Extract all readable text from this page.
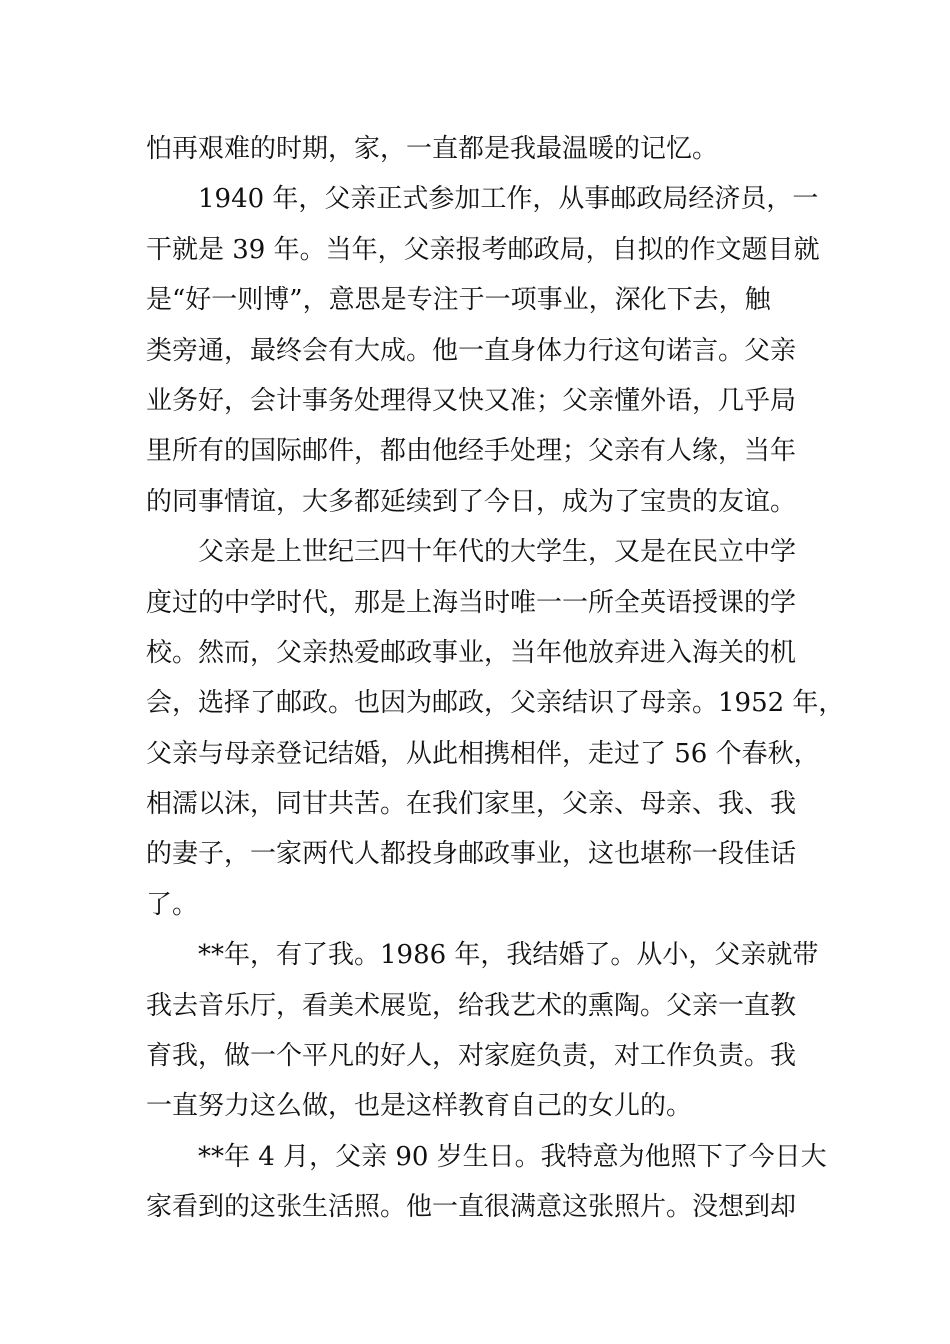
怕再艰难的时期，家，一直都是我最温暖的记忆。
1940 年，父亲正式参加工作，从事邮政局经济员，一
干就是 39 年。当年，父亲报考邮政局，自拟的作文题目就
是“好一则博”，意思是专注于一项事业，深化下去，触
类旁通，最终会有大成。他一直身体力行这句诺言。父亲
业务好，会计事务处理得又快又准；父亲懂外语，几乎局
里所有的国际邮件，都由他经手处理；父亲有人缘，当年
的同事情谊，大多都延续到了今日，成为了宝贵的友谊。
父亲是上世纪三四十年代的大学生，又是在民立中学
度过的中学时代，那是上海当时唯一一所全英语授课的学
校。然而，父亲热爱邮政事业，当年他放弃进入海关的机
会，选择了邮政。也因为邮政，父亲结识了母亲。1952 年，
父亲与母亲登记结婚，从此相携相伴，走过了 56 个春秋，
相濡以沫，同甘共苦。在我们家里，父亲、母亲、我、我
的妻子，一家两代人都投身邮政事业，这也堪称一段佳话
了。
**年，有了我。1986 年，我结婚了。从小，父亲就带
我去音乐厅，看美术展览，给我艺术的熏陶。父亲一直教
育我，做一个平凡的好人，对家庭负责，对工作负责。我
一直努力这么做，也是这样教育自己的女儿的。
**年 4 月，父亲 90 岁生日。我特意为他照下了今日大
家看到的这张生活照。他一直很满意这张照片。没想到却
